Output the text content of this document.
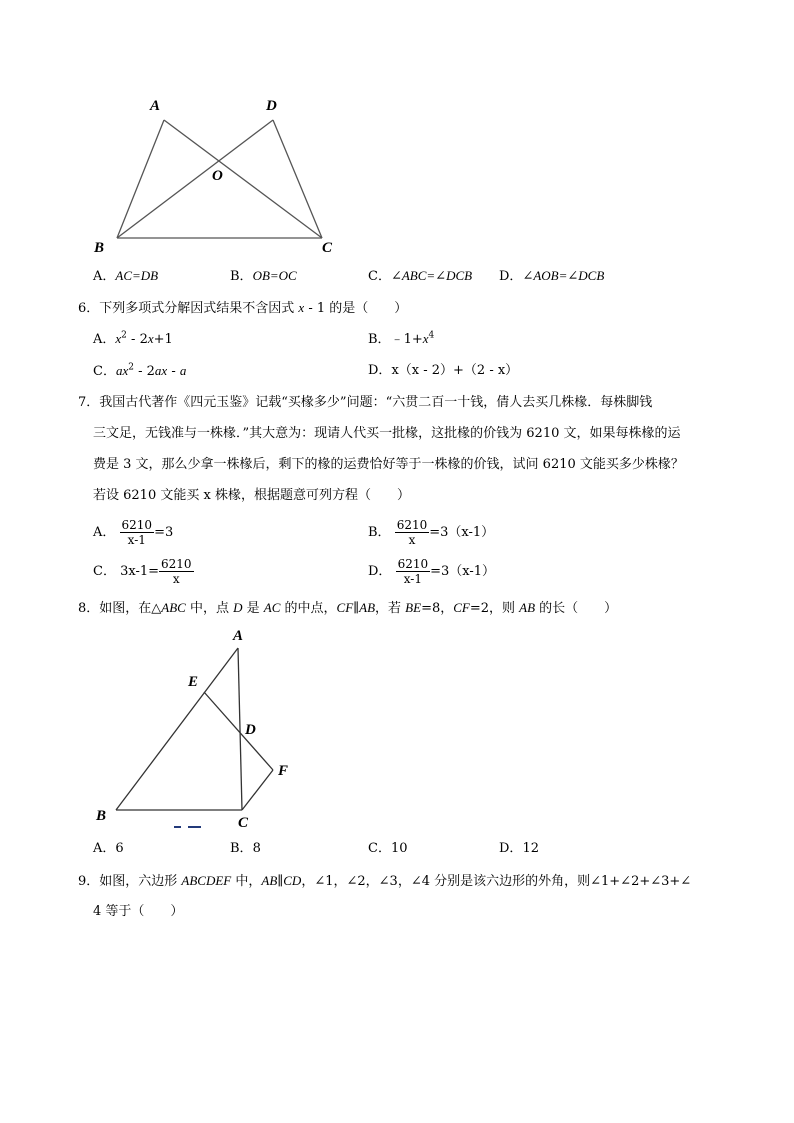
A	D
O
B	C
A．AC=DB	B．OB=OC	C．∠ABC=∠DCB D．∠AOB=∠DCB
6．下列多项式分解因式结果不含因式 x - 1 的是（　　）
A．$x^2 - 2x+1$	B．$﹣1+x^4$
C．$ax^2 - 2ax$ - a	D．x（x - 2）+（2 - x）
7．我国古代著作《四元玉鉴》记载“买椽多少”问题：“六贯二百一十钱，倩人去买几株椽．每株脚钱
三文足，无钱准与一株椽．”其大意为：现请人代买一批椽，这批椽的价钱为 6210 文，如果每株椽的运
费是 3 文，那么少拿一株椽后，剩下的椽的运费恰好等于一株椽的价钱，试问 6210 文能买多少株椽？
若设 6210 文能买 x 株椽，根据题意可列方程（　　）
A． $\frac{6210}{x-1} =3$	B． $\frac{6210}{x} =3(x-1)$
C． $3x-1= \frac{6210}{x}$	D． $\frac{6210}{x-1} =3(x-1)$
8．如图，在△ABC 中，点 D 是 AC 的中点，CF∥AB，若 BE=8，CF=2，则 AB 的长（　　）
A
E
D
F
B	C
A．6	B．8	C．10	D．12
9．如图，六边形 ABCDEF 中，AB∥CD，∠1，∠2，∠3，∠4 分别是该六边形的外角，则∠1+∠2+∠3+∠
4 等于（　　）
